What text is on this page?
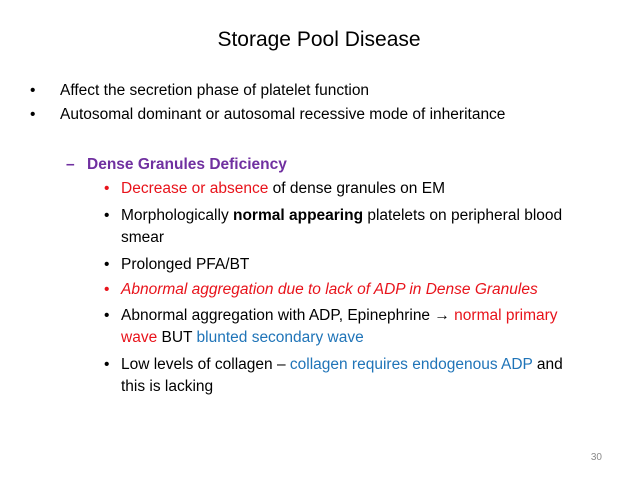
Storage Pool Disease
• Affect the secretion phase of platelet function
• Autosomal dominant or autosomal recessive mode of inheritance
– Dense Granules Deficiency
• Decrease or absence of dense granules on EM
• Morphologically normal appearing platelets on peripheral blood
smear
• Prolonged PFA/BT
• Abnormal aggregation due to lack of ADP in Dense Granules
• Abnormal aggregation with ADP, Epinephrine → normal primary
wave BUT blunted secondary wave
• Low levels of collagen – collagen requires endogenous ADP and
this is lacking
30
